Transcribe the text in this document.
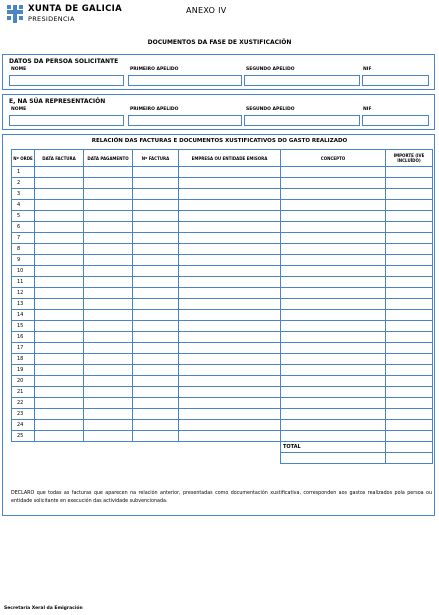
XUNTA DE GALICIA
PRESIDENCIA
ANEXO IV
DOCUMENTOS DA FASE DE XUSTIFICACIÓN
DATOS DA PERSOA SOLICITANTE
NOME	PRIMEIRO APELIDO	SEGUNDO APELIDO	NIF
E, NA SÚA REPRESENTACIÓN
NOME	PRIMEIRO APELIDO	SEGUNDO APELIDO	NIF
RELACIÓN DAS FACTURAS E DOCUMENTOS XUSTIFICATIVOS DO GASTO REALIZADO
Nº ORDE	DATA FACTURA	DATA PAGAMENTO	Nº FACTURA	EMPRESA OU ENTIDADE EMISORA	CONCEPTO	IMPORTE (IVE INCLUÍDO)
1						
2						
3						
4						
5						
6						
7						
8						
9						
10						
11						
12						
13						
14						
15						
16						
17						
18						
19						
20						
21						
22						
23						
24						
25						
					TOTAL	

DECLARO que todas as facturas que aparecen na relación anterior, presentadas como documentación xustificativa, corresponden aos gastos realizados pola persoa ou entidade solicitante en execución das actividade subvencionada.
Secretaría Xeral da Emigración
